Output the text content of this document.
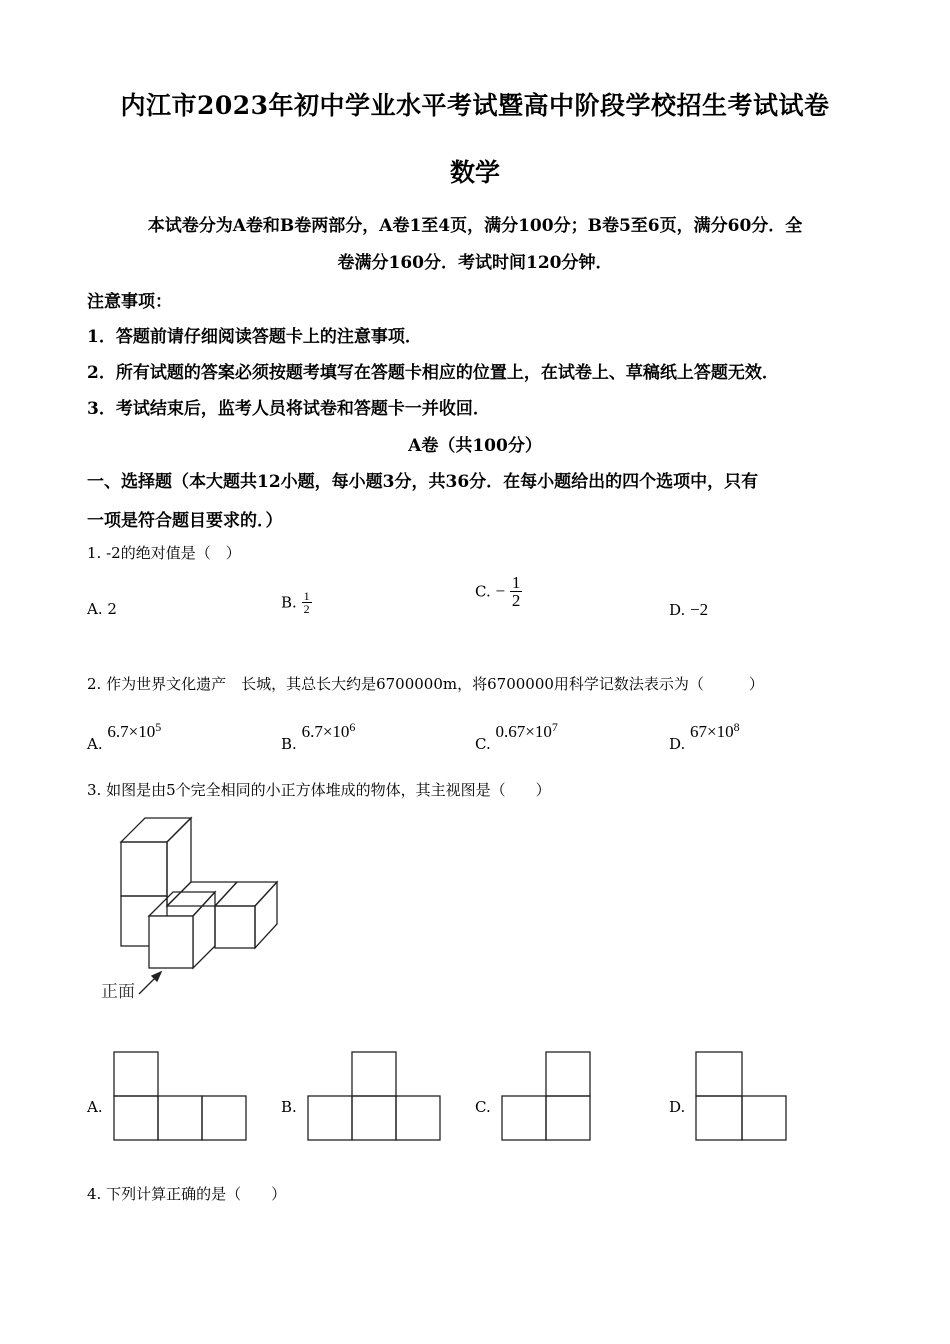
内江市2023年初中学业水平考试暨高中阶段学校招生考试试卷
数学
本试卷分为A卷和B卷两部分，A卷1至4页，满分100分；B卷5至6页，满分60分．全
卷满分160分．考试时间120分钟．
注意事项：
1．答题前请仔细阅读答题卡上的注意事项．
2．所有试题的答案必须按题考填写在答题卡相应的位置上，在试卷上、草稿纸上答题无效．
3．考试结束后，监考人员将试卷和答题卡一并收回．
A卷（共100分）
一、选择题（本大题共12小题，每小题3分，共36分．在每小题给出的四个选项中，只有
一项是符合题目要求的．）
1. -2的绝对值是（　）
A. 2	B. $\frac{1}{2}$	C. − $\frac{1}{2}$
D. −2
2. 作为世界文化遗产　长城，其总长大约是6700000m，将6700000用科学记数法表示为（　　　）
A. $6.7\times 10^5$
B. $6.7\times 10^6$
C. $0.67\times 10^7$
D. $67\times 10^8$
3. 如图是由5个完全相同的小正方体堆成的物体，其主视图是（　　）
正面
A.	B.	C.	D.
4. 下列计算正确的是（　　）
